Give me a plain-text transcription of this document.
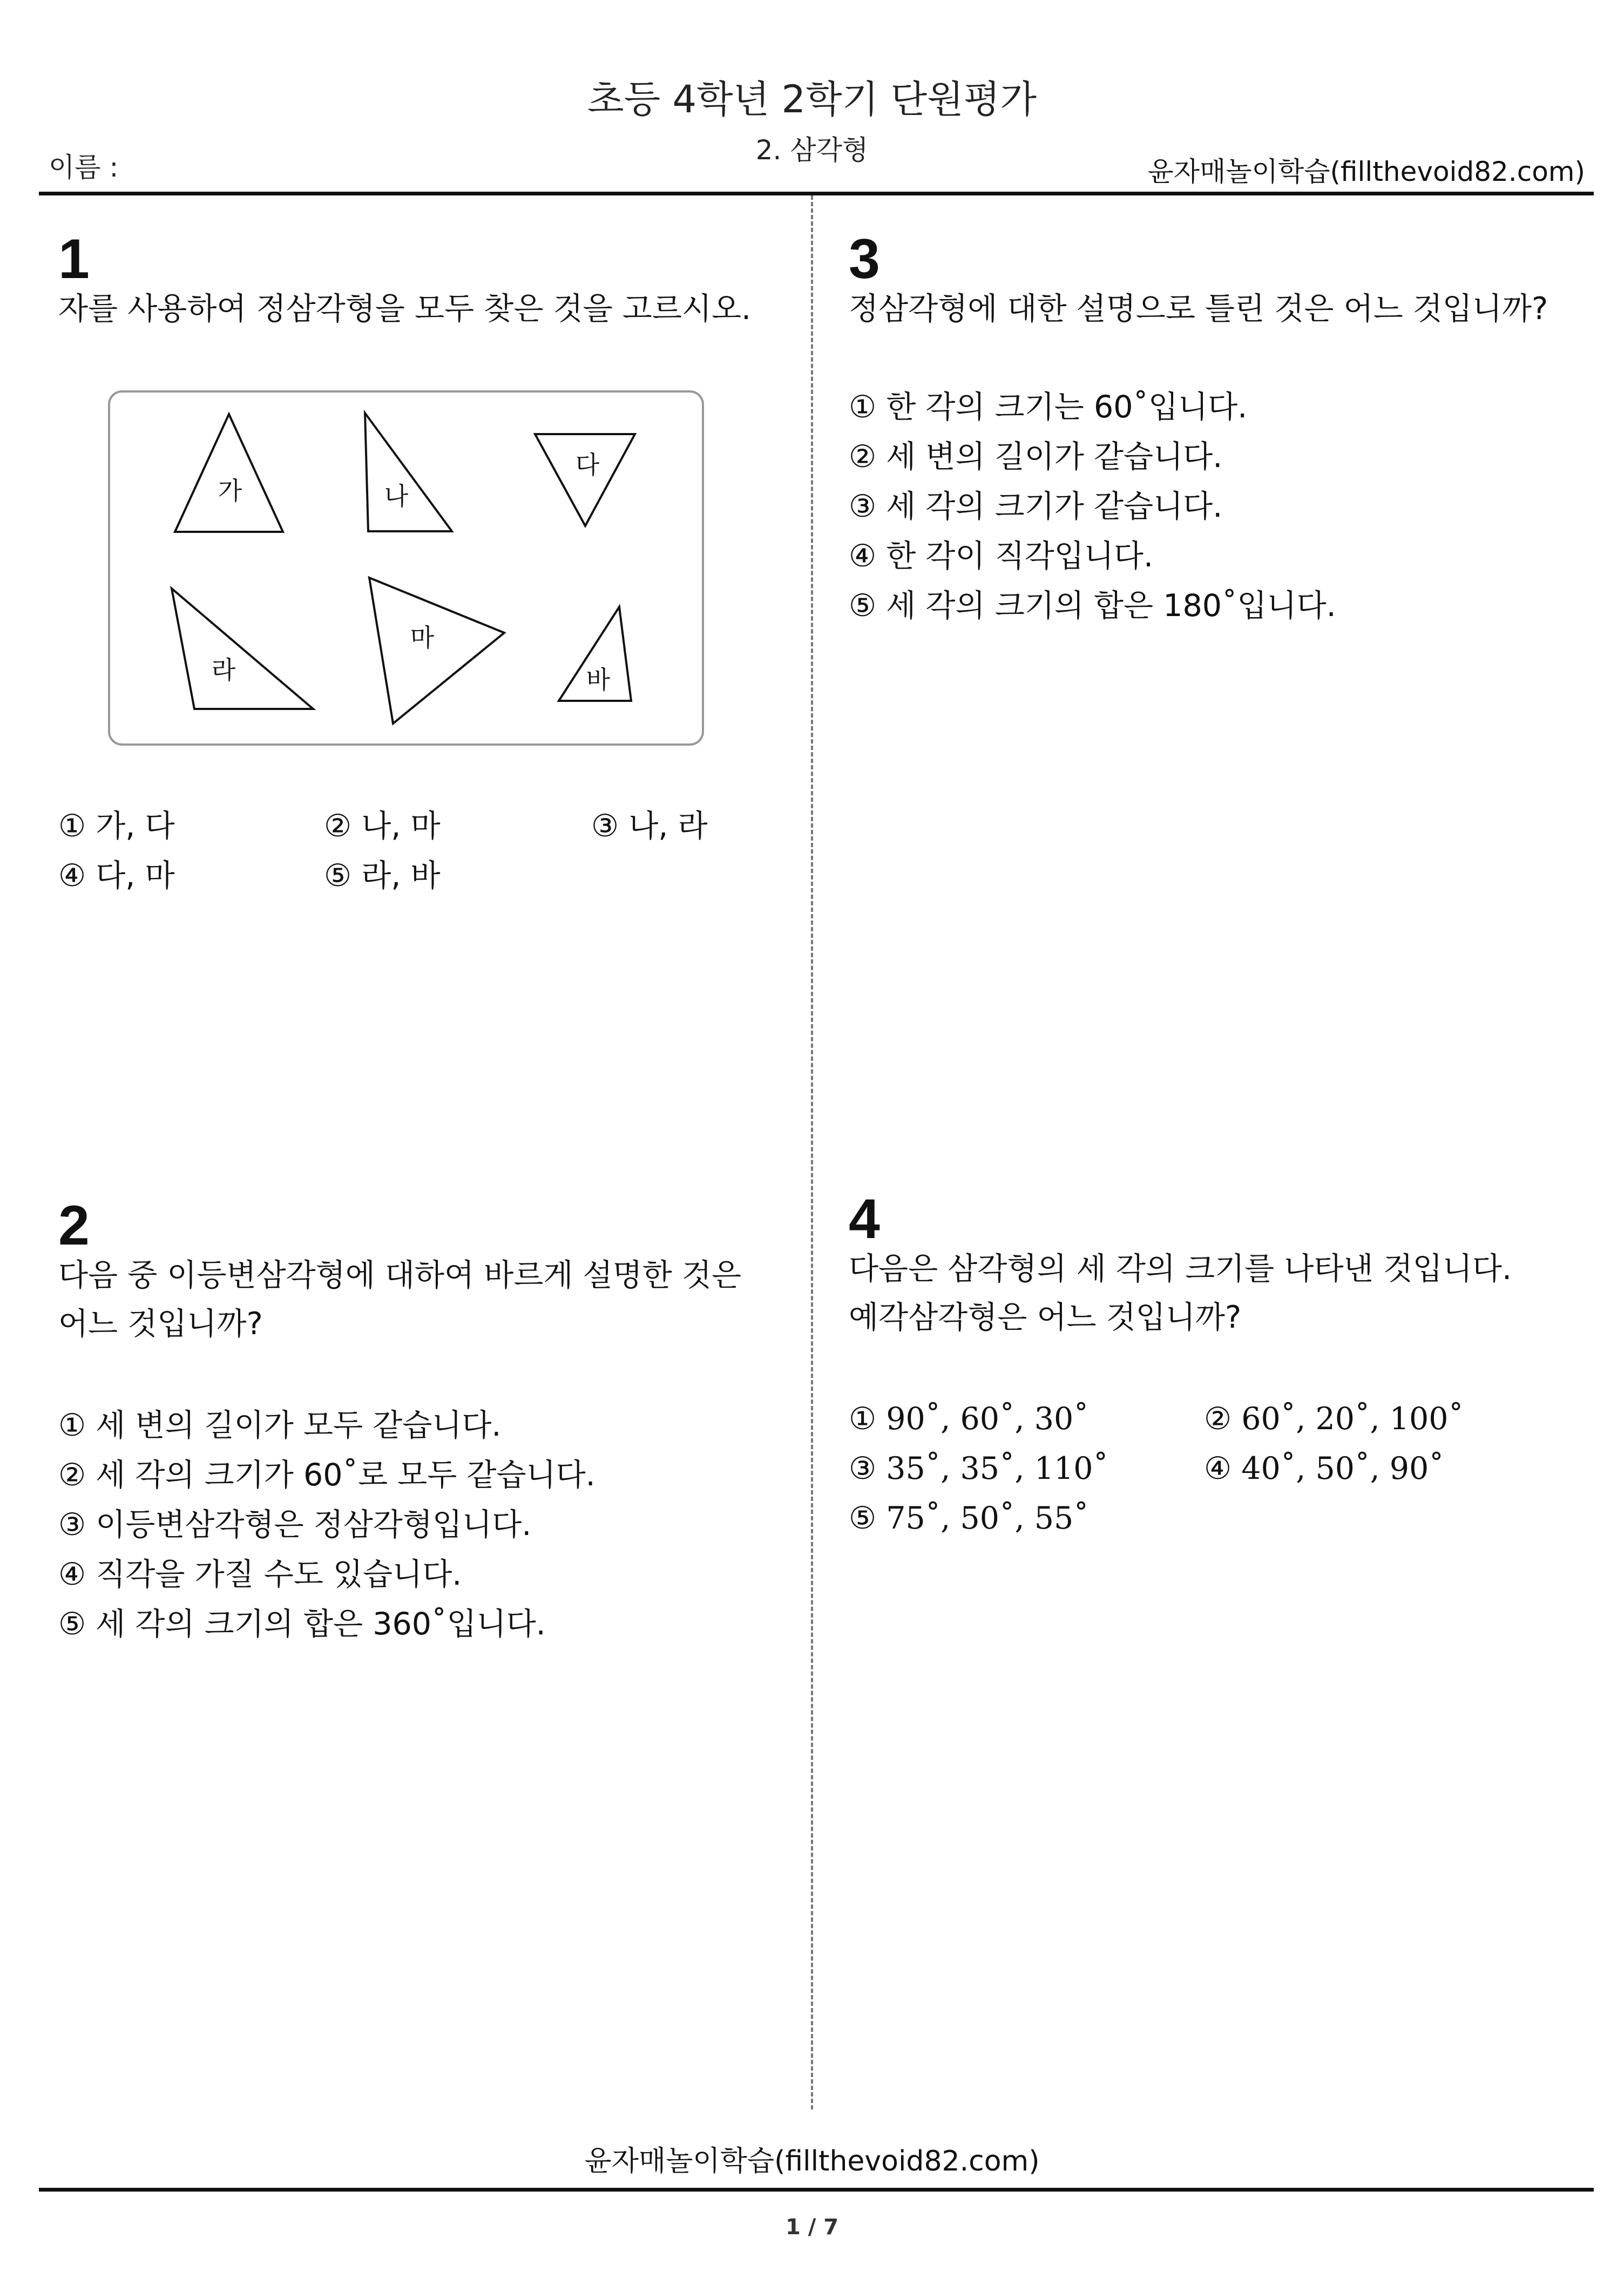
초등 4학년 2학기 단원평가
2. 삼각형
이름 :	윤자매놀이학습(fillthevoid82.com)
1
자를 사용하여 정삼각형을 모두 찾은 것을 고르시오.
가	나
다
라
마
바
① 가, 다	② 나, 마	③ 나, 라
④ 다, 마	⑤ 라, 바
2
다음 중 이등변삼각형에 대하여 바르게 설명한 것은
어느 것입니까?
① 세 변의 길이가 모두 같습니다.
② 세 각의 크기가 60˚로 모두 같습니다.
③ 이등변삼각형은 정삼각형입니다.
④ 직각을 가질 수도 있습니다.
⑤ 세 각의 크기의 합은 360˚입니다.
3
정삼각형에 대한 설명으로 틀린 것은 어느 것입니까?
① 한 각의 크기는 60˚입니다.
② 세 변의 길이가 같습니다.
③ 세 각의 크기가 같습니다.
④ 한 각이 직각입니다.
⑤ 세 각의 크기의 합은 180˚입니다.
4
다음은 삼각형의 세 각의 크기를 나타낸 것입니다.
예각삼각형은 어느 것입니까?
① 90˚, 60˚, 30˚	② 60˚, 20˚, 100˚
③ 35˚, 35˚, 110˚	④ 40˚, 50˚, 90˚
⑤ 75˚, 50˚, 55˚
윤자매놀이학습(fillthevoid82.com)
1 / 7
